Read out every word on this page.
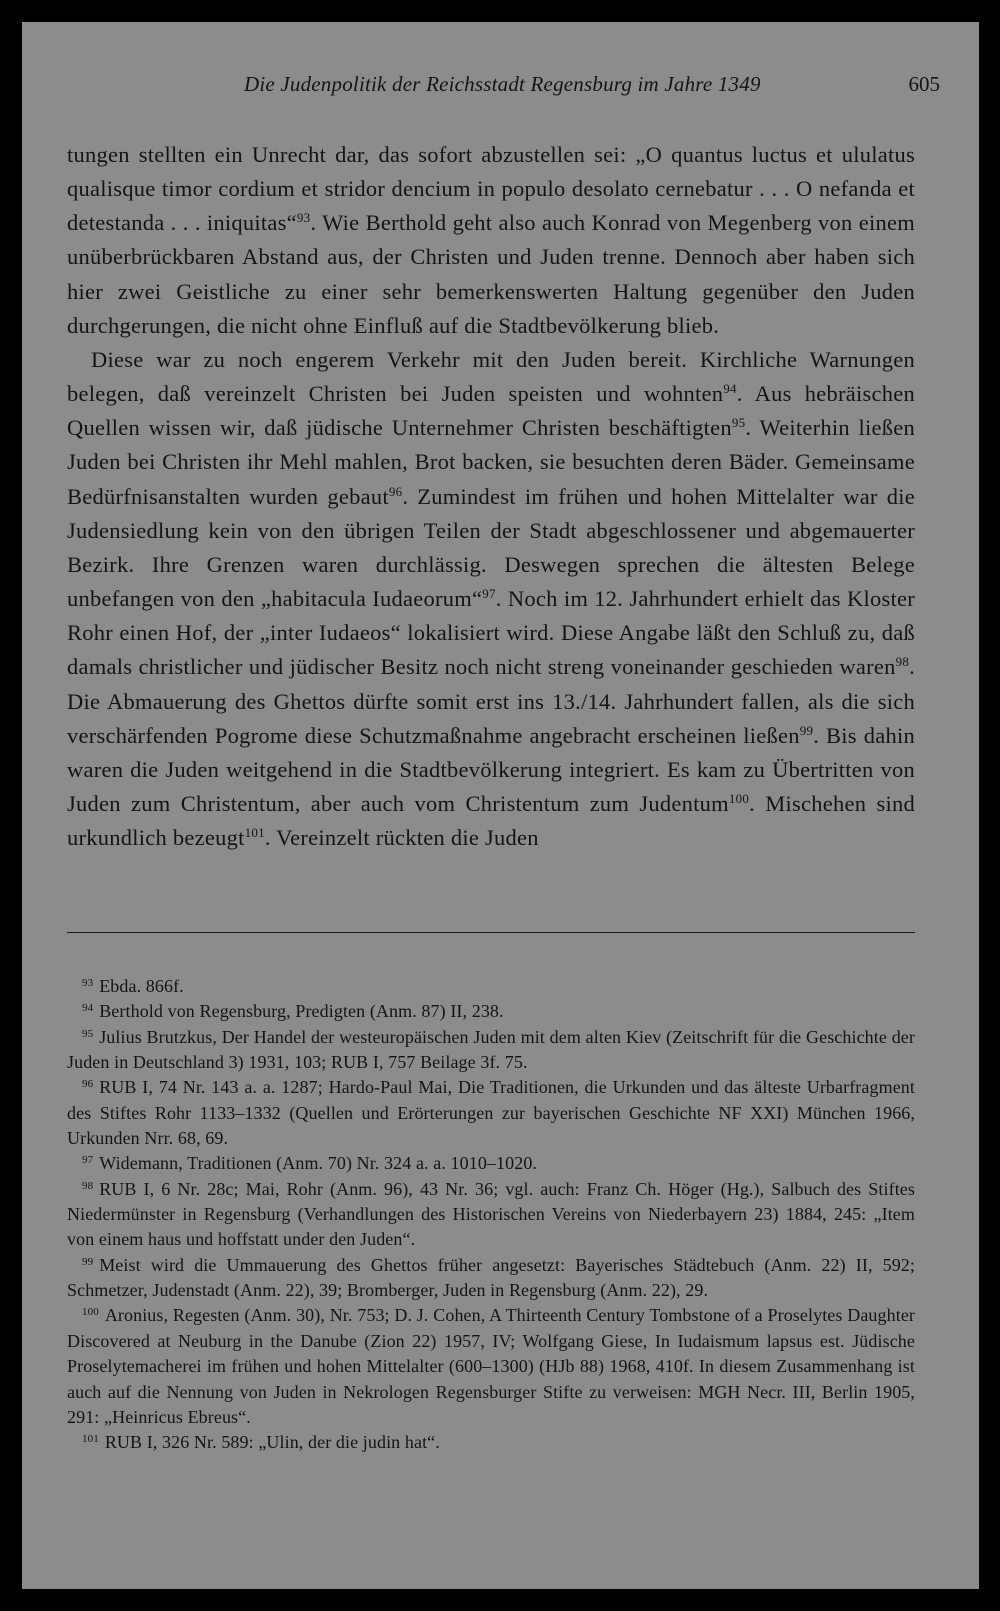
Die Judenpolitik der Reichsstadt Regensburg im Jahre 1349	605

tungen stellten ein Unrecht dar, das sofort abzustellen sei: „O quantus luctus et ululatus qualisque timor cordium et stridor dencium in populo desolato cernebatur . . . O nefanda et detestanda . . . iniquitas“$^{93}$. Wie Berthold geht also auch Konrad von Megenberg von einem unüberbrückbaren Abstand aus, der Christen und Juden trenne. Dennoch aber haben sich hier zwei Geistliche zu einer sehr bemerkenswerten Haltung gegenüber den Juden durchgerungen, die nicht ohne Einfluß auf die Stadtbevölkerung blieb.

Diese war zu noch engerem Verkehr mit den Juden bereit. Kirchliche Warnungen belegen, daß vereinzelt Christen bei Juden speisten und wohnten$^{94}$. Aus hebräischen Quellen wissen wir, daß jüdische Unternehmer Christen beschäftigten$^{95}$. Weiterhin ließen Juden bei Christen ihr Mehl mahlen, Brot backen, sie besuchten deren Bäder. Gemeinsame Bedürfnisanstalten wurden gebaut$^{96}$. Zumindest im frühen und hohen Mittelalter war die Judensiedlung kein von den übrigen Teilen der Stadt abgeschlossener und abgemauerter Bezirk. Ihre Grenzen waren durchlässig. Deswegen sprechen die ältesten Belege unbefangen von den „habitacula Iudaeorum“$^{97}$. Noch im 12. Jahrhundert erhielt das Kloster Rohr einen Hof, der „inter Iudaeos“ lokalisiert wird. Diese Angabe läßt den Schluß zu, daß damals christlicher und jüdischer Besitz noch nicht streng voneinander geschieden waren$^{98}$. Die Abmauerung des Ghettos dürfte somit erst ins 13./14. Jahrhundert fallen, als die sich verschärfenden Pogrome diese Schutzmaßnahme angebracht erscheinen ließen$^{99}$. Bis dahin waren die Juden weitgehend in die Stadtbevölkerung integriert. Es kam zu Übertritten von Juden zum Christentum, aber auch vom Christentum zum Judentum$^{100}$. Mischehen sind urkundlich bezeugt$^{101}$. Vereinzelt rückten die Juden

$^{93}$ Ebda. 866f.

$^{94}$ Berthold von Regensburg, Predigten (Anm. 87) II, 238.

$^{95}$ Julius Brutzkus, Der Handel der westeuropäischen Juden mit dem alten Kiev (Zeitschrift für die Geschichte der Juden in Deutschland 3) 1931, 103; RUB I, 757 Beilage 3f. 75.

$^{96}$ RUB I, 74 Nr. 143 a. a. 1287; Hardo-Paul Mai, Die Traditionen, die Urkunden und das älteste Urbarfragment des Stiftes Rohr 1133–1332 (Quellen und Erörterungen zur bayerischen Geschichte NF XXI) München 1966, Urkunden Nrr. 68, 69.

$^{97}$ Widemann, Traditionen (Anm. 70) Nr. 324 a. a. 1010–1020.

$^{98}$ RUB I, 6 Nr. 28c; Mai, Rohr (Anm. 96), 43 Nr. 36; vgl. auch: Franz Ch. Höger (Hg.), Salbuch des Stiftes Niedermünster in Regensburg (Verhandlungen des Historischen Vereins von Niederbayern 23) 1884, 245: „Item von einem haus und hoffstatt under den Juden“.

$^{99}$ Meist wird die Ummauerung des Ghettos früher angesetzt: Bayerisches Städtebuch (Anm. 22) II, 592; Schmetzer, Judenstadt (Anm. 22), 39; Bromberger, Juden in Regensburg (Anm. 22), 29.

$^{100}$ Aronius, Regesten (Anm. 30), Nr. 753; D. J. Cohen, A Thirteenth Century Tombstone of a Proselytes Daughter Discovered at Neuburg in the Danube (Zion 22) 1957, IV; Wolfgang Giese, In Iudaismum lapsus est. Jüdische Proselytemacherei im frühen und hohen Mittelalter (600–1300) (HJb 88) 1968, 410f. In diesem Zusammenhang ist auch auf die Nennung von Juden in Nekrologen Regensburger Stifte zu verweisen: MGH Necr. III, Berlin 1905, 291: „Heinricus Ebreus“.

$^{101}$ RUB I, 326 Nr. 589: „Ulin, der die judin hat“.
